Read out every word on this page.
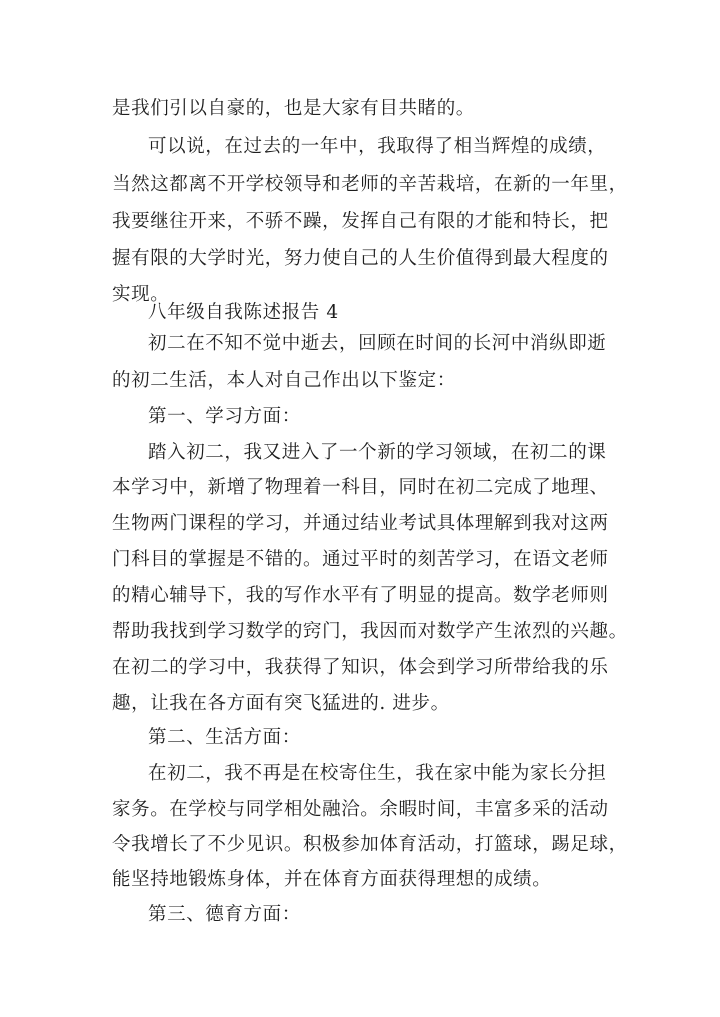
是我们引以自豪的，也是大家有目共睹的。
可以说，在过去的一年中，我取得了相当辉煌的成绩，
当然这都离不开学校领导和老师的辛苦栽培，在新的一年里，
我要继往开来，不骄不躁，发挥自己有限的才能和特长，把
握有限的大学时光，努力使自己的人生价值得到最大程度的
实现。
八年级自我陈述报告 4
初二在不知不觉中逝去，回顾在时间的长河中消纵即逝
的初二生活，本人对自己作出以下鉴定：
第一、学习方面：
踏入初二，我又进入了一个新的学习领域，在初二的课
本学习中，新增了物理着一科目，同时在初二完成了地理、
生物两门课程的学习，并通过结业考试具体理解到我对这两
门科目的掌握是不错的。通过平时的刻苦学习，在语文老师
的精心辅导下，我的写作水平有了明显的提高。数学老师则
帮助我找到学习数学的窍门，我因而对数学产生浓烈的兴趣。
在初二的学习中，我获得了知识，体会到学习所带给我的乐
趣，让我在各方面有突飞猛进的. 进步。
第二、生活方面：
在初二，我不再是在校寄住生，我在家中能为家长分担
家务。在学校与同学相处融洽。余暇时间，丰富多采的活动
令我增长了不少见识。积极参加体育活动，打篮球，踢足球，
能坚持地锻炼身体，并在体育方面获得理想的成绩。
第三、德育方面：
